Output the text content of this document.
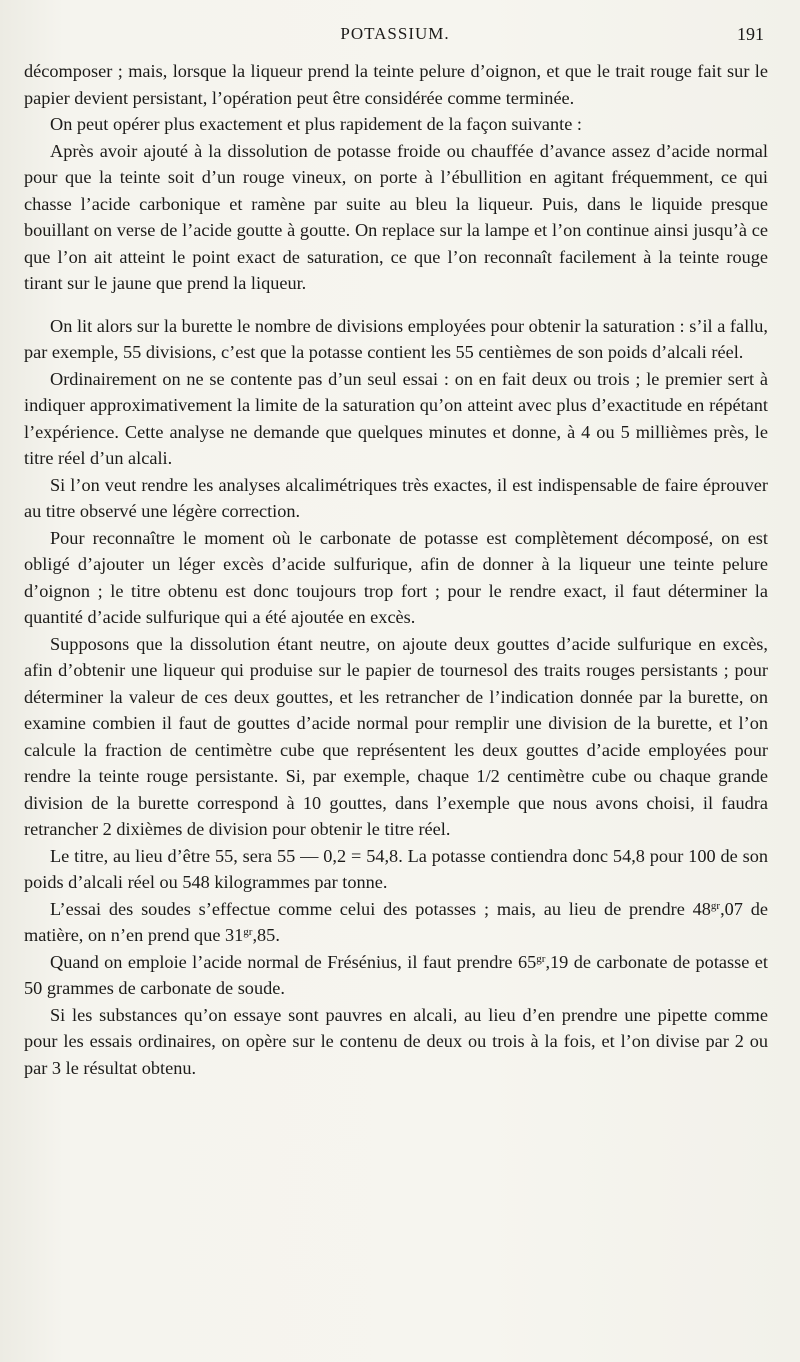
POTASSIUM.	191

décomposer ; mais, lorsque la liqueur prend la teinte pelure d’oignon, et que le trait rouge fait sur le papier devient persistant, l’opération peut être considérée comme terminée.

On peut opérer plus exactement et plus rapidement de la façon suivante :

Après avoir ajouté à la dissolution de potasse froide ou chauffée d’avance assez d’acide normal pour que la teinte soit d’un rouge vineux, on porte à l’ébullition en agitant fréquemment, ce qui chasse l’acide carbonique et ramène par suite au bleu la liqueur. Puis, dans le liquide presque bouillant on verse de l’acide goutte à goutte. On replace sur la lampe et l’on continue ainsi jusqu’à ce que l’on ait atteint le point exact de saturation, ce que l’on reconnaît facilement à la teinte rouge tirant sur le jaune que prend la liqueur.

On lit alors sur la burette le nombre de divisions employées pour obtenir la saturation : s’il a fallu, par exemple, 55 divisions, c’est que la potasse contient les 55 centièmes de son poids d’alcali réel.

Ordinairement on ne se contente pas d’un seul essai : on en fait deux ou trois ; le premier sert à indiquer approximativement la limite de la saturation qu’on atteint avec plus d’exactitude en répétant l’expérience. Cette analyse ne demande que quelques minutes et donne, à 4 ou 5 millièmes près, le titre réel d’un alcali.

Si l’on veut rendre les analyses alcalimétriques très exactes, il est indispensable de faire éprouver au titre observé une légère correction.

Pour reconnaître le moment où le carbonate de potasse est complètement décomposé, on est obligé d’ajouter un léger excès d’acide sulfurique, afin de donner à la liqueur une teinte pelure d’oignon ; le titre obtenu est donc toujours trop fort ; pour le rendre exact, il faut déterminer la quantité d’acide sulfurique qui a été ajoutée en excès.

Supposons que la dissolution étant neutre, on ajoute deux gouttes d’acide sulfurique en excès, afin d’obtenir une liqueur qui produise sur le papier de tournesol des traits rouges persistants ; pour déterminer la valeur de ces deux gouttes, et les retrancher de l’indication donnée par la burette, on examine combien il faut de gouttes d’acide normal pour remplir une division de la burette, et l’on calcule la fraction de centimètre cube que représentent les deux gouttes d’acide employées pour rendre la teinte rouge persistante. Si, par exemple, chaque 1/2 centimètre cube ou chaque grande division de la burette correspond à 10 gouttes, dans l’exemple que nous avons choisi, il faudra retrancher 2 dixièmes de division pour obtenir le titre réel.

Le titre, au lieu d’être 55, sera 55 — 0,2 = 54,8. La potasse contiendra donc 54,8 pour 100 de son poids d’alcali réel ou 548 kilogrammes par tonne.

L’essai des soudes s’effectue comme celui des potasses ; mais, au lieu de prendre $48^{gr},07$ de matière, on n’en prend que $31^{gr},85$.

Quand on emploie l’acide normal de Frésénius, il faut prendre $65^{gr},19$ de carbonate de potasse et 50 grammes de carbonate de soude.

Si les substances qu’on essaye sont pauvres en alcali, au lieu d’en prendre une pipette comme pour les essais ordinaires, on opère sur le contenu de deux ou trois à la fois, et l’on divise par 2 ou par 3 le résultat obtenu.
